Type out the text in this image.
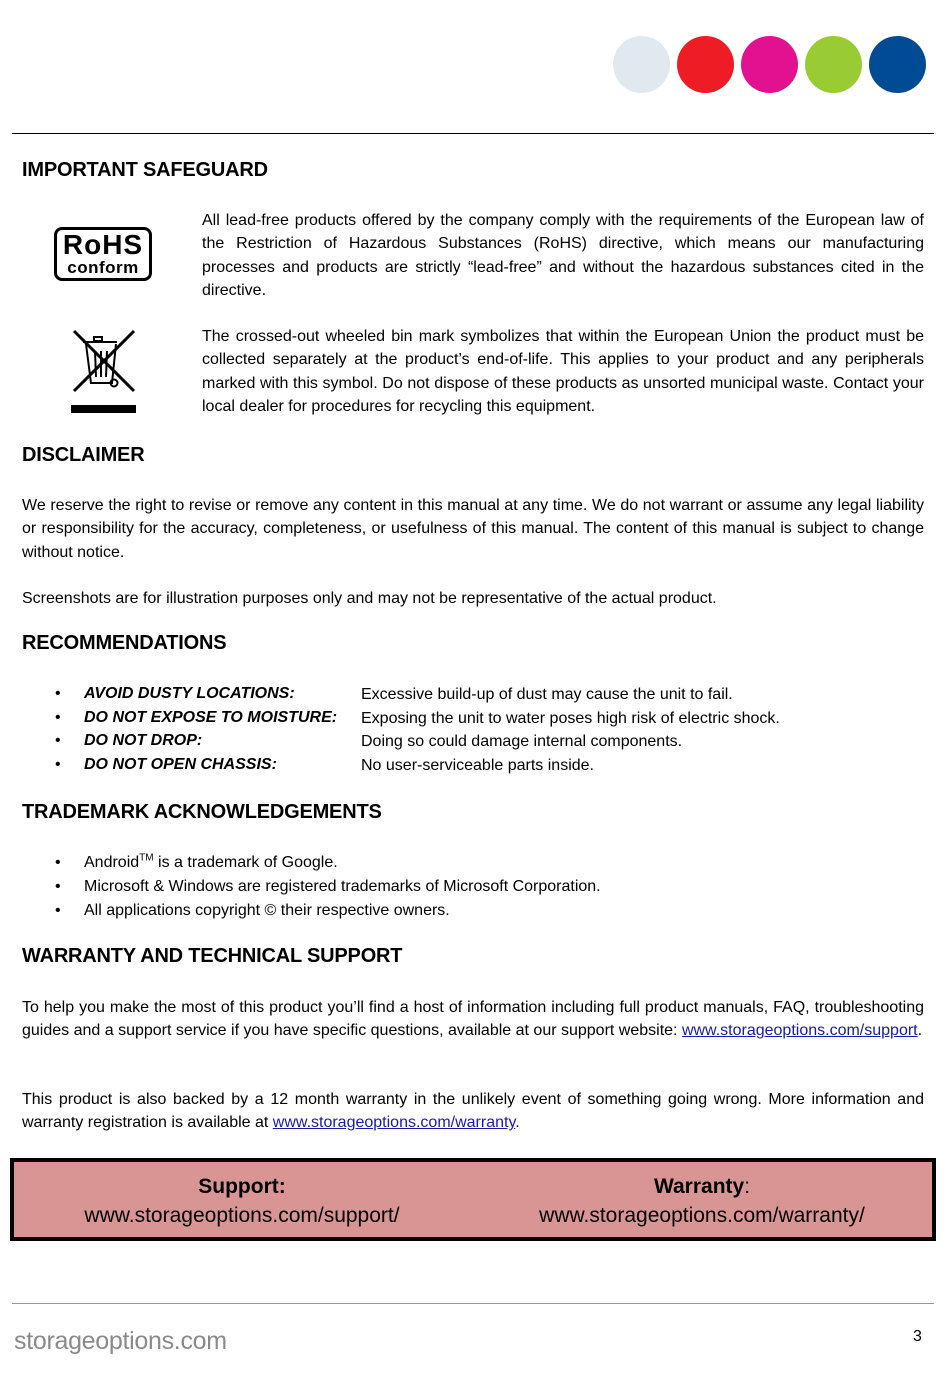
IMPORTANT SAFEGUARD
RoHS
conform

All lead-free products offered by the company comply with the requirements of the European law of the Restriction of Hazardous Substances (RoHS) directive, which means our manufacturing processes and products are strictly “lead-free” and without the hazardous substances cited in the directive.

The crossed-out wheeled bin mark symbolizes that within the European Union the product must be collected separately at the product’s end-of-life. This applies to your product and any peripherals marked with this symbol. Do not dispose of these products as unsorted municipal waste. Contact your local dealer for procedures for recycling this equipment.

DISCLAIMER

We reserve the right to revise or remove any content in this manual at any time. We do not warrant or assume any legal liability or responsibility for the accuracy, completeness, or usefulness of this manual. The content of this manual is subject to change without notice.

Screenshots are for illustration purposes only and may not be representative of the actual product.

RECOMMENDATIONS
• AVOID DUSTY LOCATIONS:	Excessive build-up of dust may cause the unit to fail.
• DO NOT EXPOSE TO MOISTURE: Exposing the unit to water poses high risk of electric shock.
• DO NOT DROP:	Doing so could damage internal components.
• DO NOT OPEN CHASSIS:	No user-serviceable parts inside.
TRADEMARK ACKNOWLEDGEMENTS
• Android™ is a trademark of Google.
• Microsoft & Windows are registered trademarks of Microsoft Corporation.
• All applications copyright © their respective owners.
WARRANTY AND TECHNICAL SUPPORT

To help you make the most of this product you’ll find a host of information including full product manuals, FAQ, troubleshooting guides and a support service if you have specific questions, available at our support website: www.storageoptions.com/support.

This product is also backed by a 12 month warranty in the unlikely event of something going wrong. More information and warranty registration is available at www.storageoptions.com/warranty.

Support:
www.storageoptions.com/support/
Warranty:
www.storageoptions.com/warranty/
storageoptions.com	3
